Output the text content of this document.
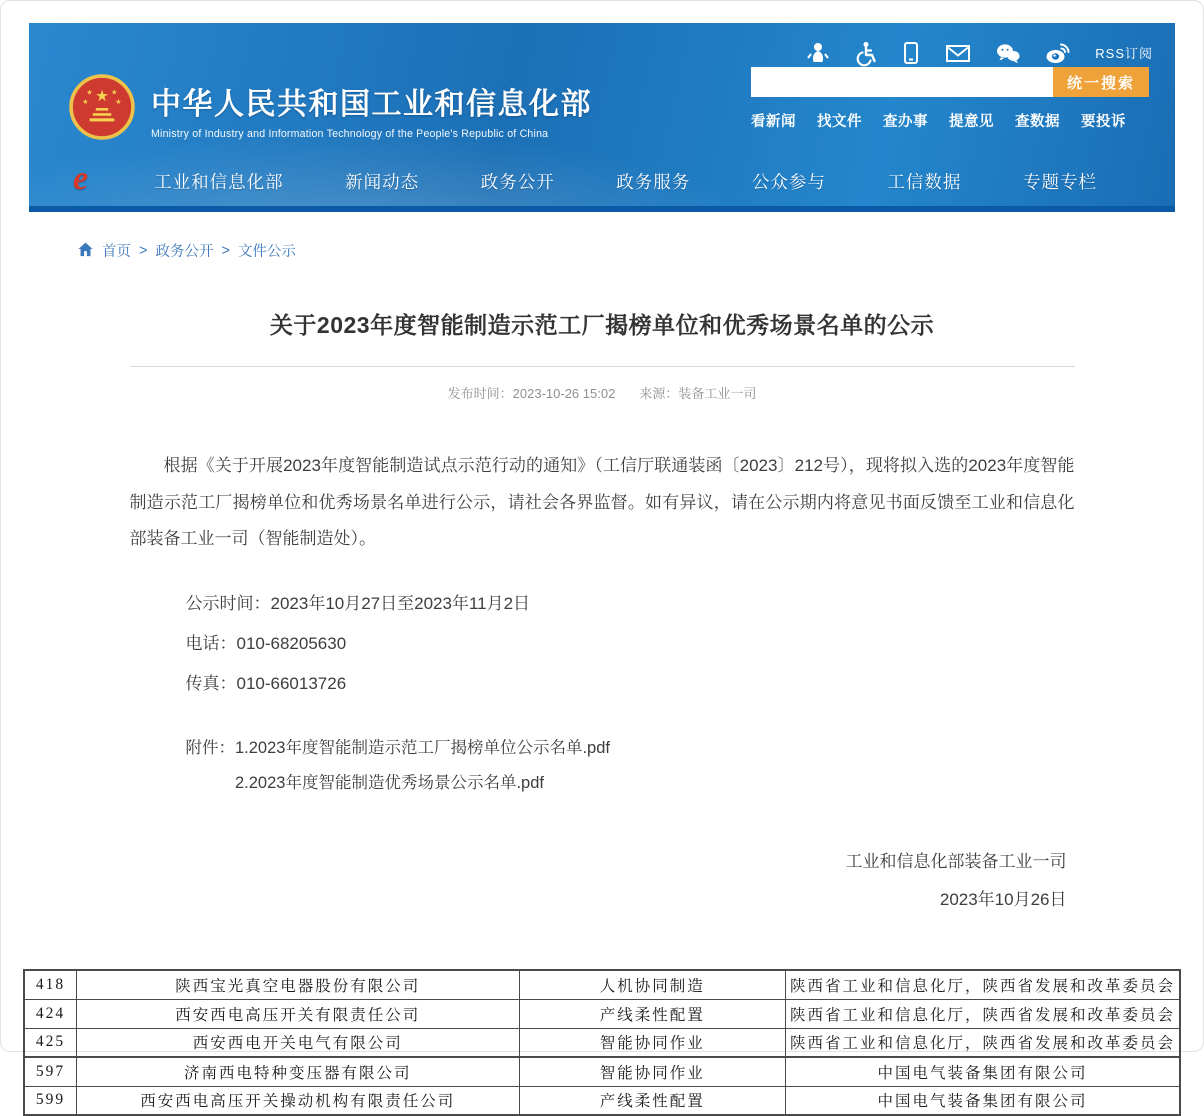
RSS订阅
★
★	★
★	★ 中华人民共和国工业和信息化部
Ministry of Industry and Information Technology of the People's Republic of China
统一搜索
看新闻 找文件 查办事 提意见 查数据 要投诉
e	工业和信息化部	新闻动态	政务公开	政务服务	公众参与	工信数据	专题专栏
首页 > 政务公开 > 文件公示
关于2023年度智能制造示范工厂揭榜单位和优秀场景名单的公示
发布时间：2023-10-26 15:02 来源：装备工业一司

根据《关于开展2023年度智能制造试点示范行动的通知》（工信厅联通装函〔2023〕212号），现将拟入选的2023年度智能制造示范工厂揭榜单位和优秀场景名单进行公示，请社会各界监督。如有异议，请在公示期内将意见书面反馈至工业和信息化部装备工业一司（智能制造处）。

公示时间：2023年10月27日至2023年11月2日
电话：010-68205630
传真：010-66013726
附件： 1.2023年度智能制造示范工厂揭榜单位公示名单.pdf
2.2023年度智能制造优秀场景公示名单.pdf
工业和信息化部装备工业一司
2023年10月26日
418	陕西宝光真空电器股份有限公司	人机协同制造	陕西省工业和信息化厅，陕西省发展和改革委员会
424	西安西电高压开关有限责任公司	产线柔性配置	陕西省工业和信息化厅，陕西省发展和改革委员会
425	西安西电开关电气有限公司	智能协同作业	陕西省工业和信息化厅，陕西省发展和改革委员会
597	济南西电特种变压器有限公司	智能协同作业	中国电气装备集团有限公司
599	西安西电高压开关操动机构有限责任公司	产线柔性配置	中国电气装备集团有限公司
